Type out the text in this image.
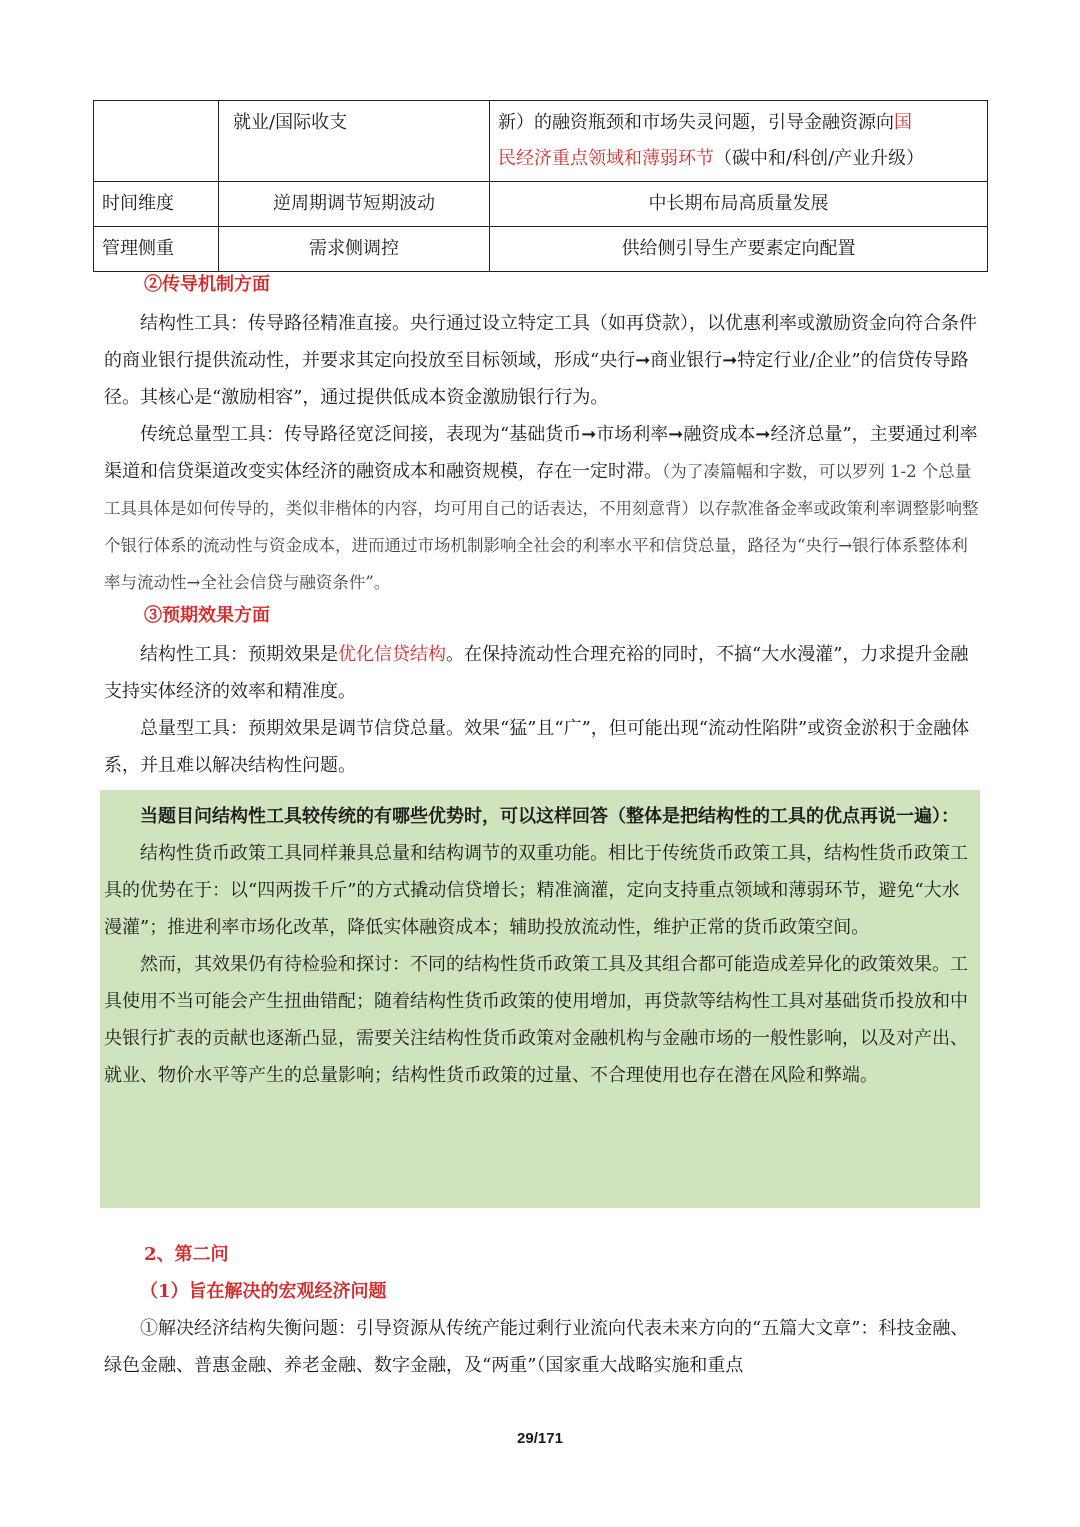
	就业/国际收支	新）的融资瓶颈和市场失灵问题，引导金融资源向国
民经济重点领域和薄弱环节（碳中和/科创/产业升级）
时间维度	逆周期调节短期波动	中长期布局高质量发展
管理侧重	需求侧调控	供给侧引导生产要素定向配置

②传导机制方面

结构性工具：传导路径精准直接。央行通过设立特定工具（如再贷款），以优惠利率或激励资金向符合条件的商业银行提供流动性，并要求其定向投放至目标领域，形成“央行➞商业银行➞特定行业/企业”的信贷传导路径。其核心是“激励相容”，通过提供低成本资金激励银行行为。

传统总量型工具：传导路径宽泛间接，表现为“基础货币➞市场利率➞融资成本➞经济总量”，主要通过利率渠道和信贷渠道改变实体经济的融资成本和融资规模，存在一定时滞。（为了凑篇幅和字数，可以罗列 1-2 个总量工具具体是如何传导的，类似非楷体的内容，均可用自己的话表达，不用刻意背）以存款准备金率或政策利率调整影响整个银行体系的流动性与资金成本，进而通过市场机制影响全社会的利率水平和信贷总量，路径为“央行→银行体系整体利率与流动性→全社会信贷与融资条件”。

③预期效果方面

结构性工具：预期效果是优化信贷结构。在保持流动性合理充裕的同时，不搞“大水漫灌”，力求提升金融支持实体经济的效率和精准度。

总量型工具：预期效果是调节信贷总量。效果“猛”且“广”，但可能出现“流动性陷阱”或资金淤积于金融体系，并且难以解决结构性问题。

当题目问结构性工具较传统的有哪些优势时，可以这样回答（整体是把结构性的工具的优点再说一遍）：

结构性货币政策工具同样兼具总量和结构调节的双重功能。相比于传统货币政策工具，结构性货币政策工具的优势在于：以“四两拨千斤”的方式撬动信贷增长；精准滴灌，定向支持重点领域和薄弱环节，避免“大水漫灌”；推进利率市场化改革，降低实体融资成本；辅助投放流动性，维护正常的货币政策空间。

然而，其效果仍有待检验和探讨：不同的结构性货币政策工具及其组合都可能造成差异化的政策效果。工具使用不当可能会产生扭曲错配；随着结构性货币政策的使用增加，再贷款等结构性工具对基础货币投放和中央银行扩表的贡献也逐渐凸显，需要关注结构性货币政策对金融机构与金融市场的一般性影响，以及对产出、就业、物价水平等产生的总量影响；结构性货币政策的过量、不合理使用也存在潜在风险和弊端。

2、第二问

（1）旨在解决的宏观经济问题

①解决经济结构失衡问题：引导资源从传统产能过剩行业流向代表未来方向的“五篇大文章”：科技金融、绿色金融、普惠金融、养老金融、数字金融，及“两重”（国家重大战略实施和重点

29/171
